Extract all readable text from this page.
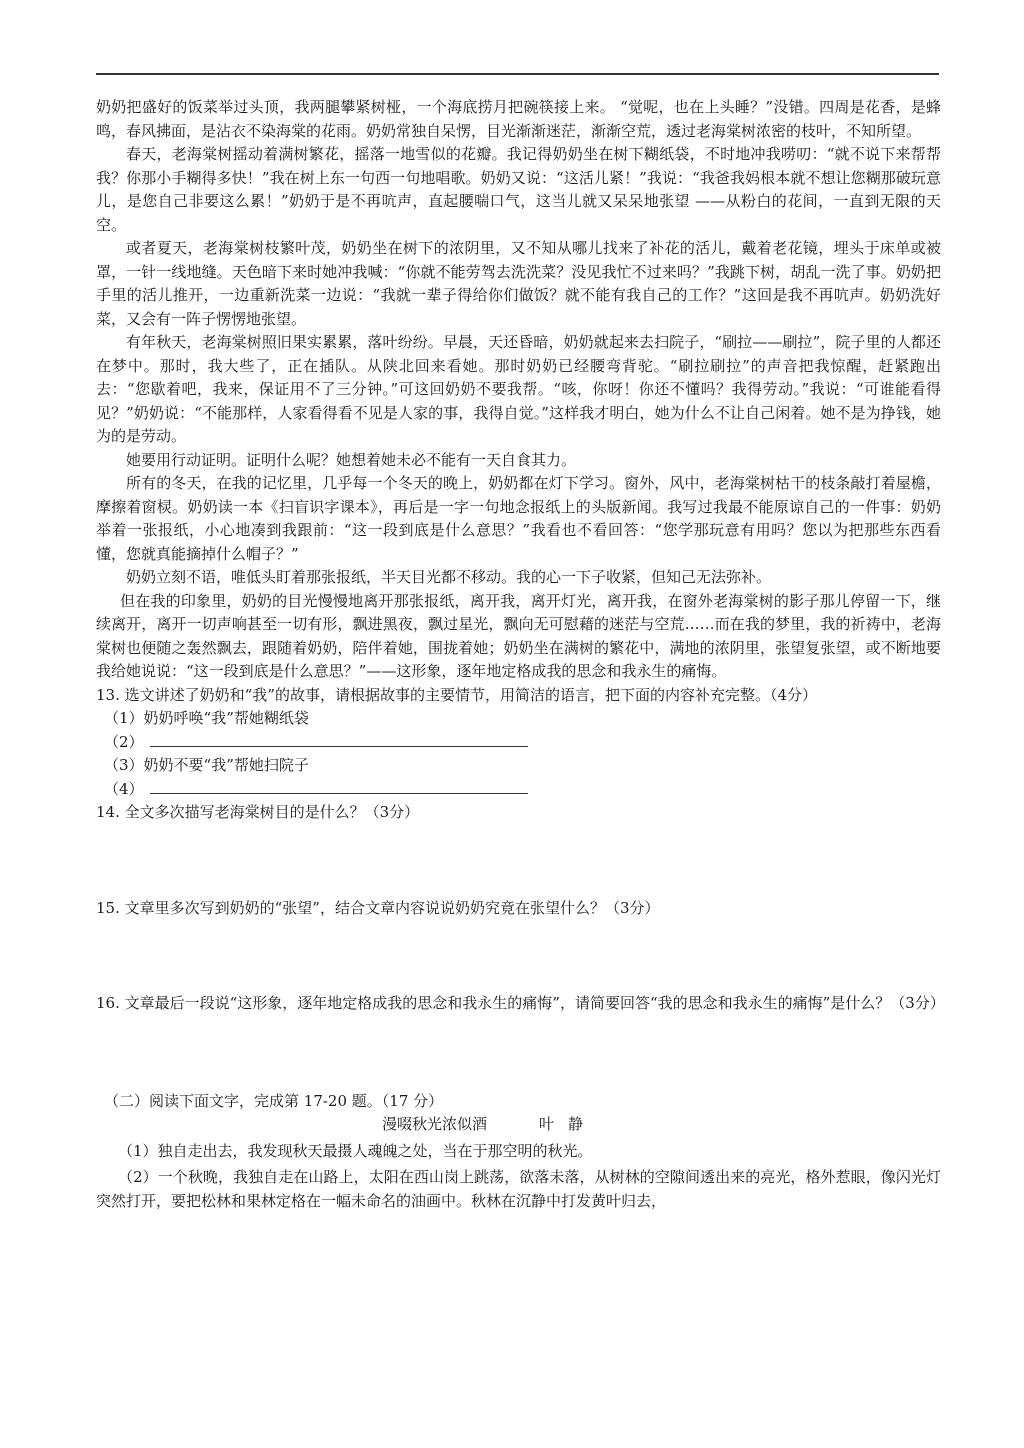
奶奶把盛好的饭菜举过头顶，我两腿攀紧树桠，一个海底捞月把碗筷接上来。 “觉呢，也在上头睡？”没错。四周是花香，是蜂鸣，春风拂面，是沾衣不染海棠的花雨。奶奶常独自呆愣，目光渐渐迷茫，渐渐空荒，透过老海棠树浓密的枝叶，不知所望。

春天，老海棠树摇动着满树繁花，摇落一地雪似的花瓣。我记得奶奶坐在树下糊纸袋，不时地冲我唠叨：“就不说下来帮帮我？你那小手糊得多快！”我在树上东一句西一句地唱歌。奶奶又说：“这活儿紧！”我说：“我爸我妈根本就不想让您糊那破玩意儿，是您自己非要这么累！”奶奶于是不再吭声，直起腰喘口气，这当儿就又呆呆地张望 ——从粉白的花间，一直到无限的天空。

或者夏天，老海棠树枝繁叶茂，奶奶坐在树下的浓阴里，又不知从哪儿找来了补花的活儿，戴着老花镜，埋头于床单或被罩，一针一线地缝。天色暗下来时她冲我喊：“你就不能劳驾去洗洗菜？没见我忙不过来吗？”我跳下树，胡乱一洗了事。奶奶把手里的活儿推开，一边重新洗菜一边说：“我就一辈子得给你们做饭？就不能有我自己的工作？”这回是我不再吭声。奶奶洗好菜，又会有一阵子愣愣地张望。

有年秋天，老海棠树照旧果实累累，落叶纷纷。早晨，天还昏暗，奶奶就起来去扫院子，“刷拉——刷拉”，院子里的人都还在梦中。那时，我大些了，正在插队。从陕北回来看她。那时奶奶已经腰弯背驼。“刷拉刷拉”的声音把我惊醒，赶紧跑出去：“您歇着吧，我来，保证用不了三分钟。”可这回奶奶不要我帮。“咳，你呀！你还不懂吗？我得劳动。”我说：“可谁能看得见？”奶奶说：“不能那样，人家看得看不见是人家的事，我得自觉。”这样我才明白，她为什么不让自己闲着。她不是为挣钱，她为的是劳动。

她要用行动证明。证明什么呢？她想着她未必不能有一天自食其力。

所有的冬天，在我的记忆里，几乎每一个冬天的晚上，奶奶都在灯下学习。窗外，风中，老海棠树枯干的枝条敲打着屋檐，摩擦着窗棂。奶奶读一本《扫盲识字课本》，再后是一字一句地念报纸上的头版新闻。我写过我最不能原谅自己的一件事：奶奶举着一张报纸，小心地凑到我跟前：“这一段到底是什么意思？”我看也不看回答：“您学那玩意有用吗？您以为把那些东西看懂，您就真能摘掉什么帽子？”

奶奶立刻不语，唯低头盯着那张报纸，半天目光都不移动。我的心一下子收紧，但知己无法弥补。

但在我的印象里，奶奶的目光慢慢地离开那张报纸，离开我，离开灯光，离开我，在窗外老海棠树的影子那儿停留一下，继续离开，离开一切声响甚至一切有形，飘进黑夜，飘过星光，飘向无可慰藉的迷茫与空荒……而在我的梦里，我的祈祷中，老海棠树也便随之轰然飘去，跟随着奶奶，陪伴着她，围拢着她；奶奶坐在满树的繁花中，满地的浓阴里，张望复张望，或不断地要我给她说说：“这一段到底是什么意思？”——这形象，逐年地定格成我的思念和我永生的痛悔。

13. 选文讲述了奶奶和“我”的故事，请根据故事的主要情节，用简洁的语言，把下面的内容补充完整。（4分）

（1）奶奶呼唤“我”帮她糊纸袋

（2）

（3）奶奶不要“我”帮她扫院子

（4）

14. 全文多次描写老海棠树目的是什么？（3分）

15. 文章里多次写到奶奶的“张望”，结合文章内容说说奶奶究竟在张望什么？（3分）

16. 文章最后一段说“这形象，逐年地定格成我的思念和我永生的痛悔”，请简要回答“我的思念和我永生的痛悔”是什么？（3分）

（二）阅读下面文字，完成第 17-20 题。（17 分）

漫啜秋光浓似酒	叶静

（1）独自走出去，我发现秋天最摄人魂魄之处，当在于那空明的秋光。

（2）一个秋晚，我独自走在山路上，太阳在西山岗上跳荡，欲落未落，从树林的空隙间透出来的亮光，格外惹眼，像闪光灯突然打开，要把松林和果林定格在一幅未命名的油画中。秋林在沉静中打发黄叶归去，
